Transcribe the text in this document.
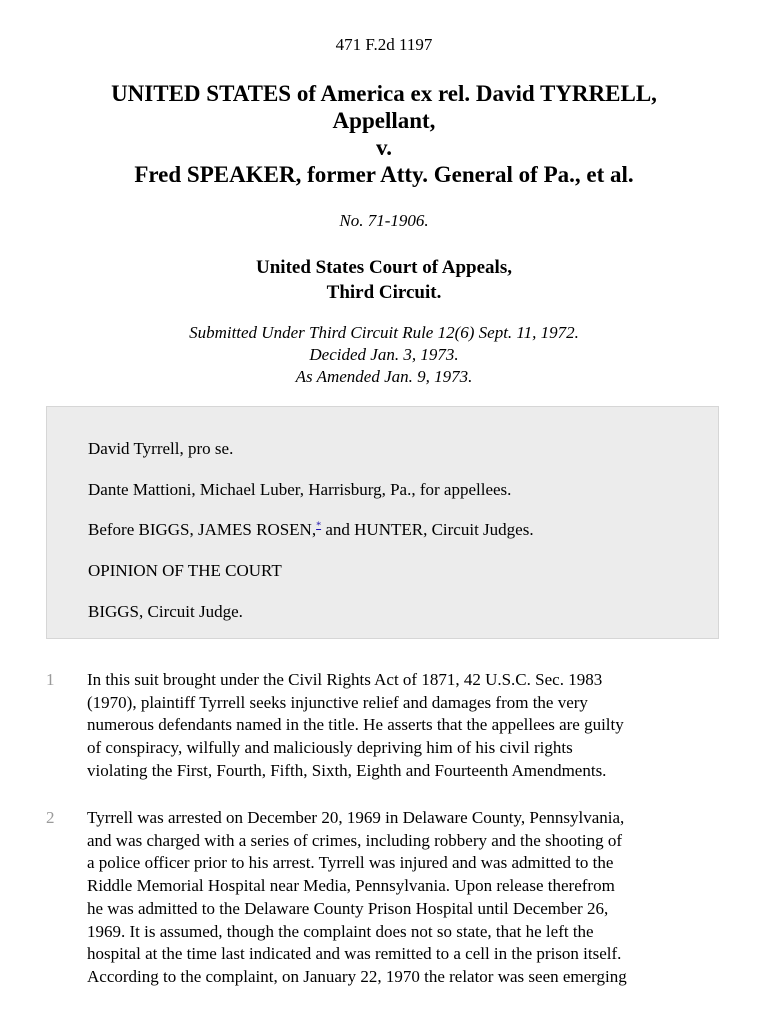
471 F.2d 1197
UNITED STATES of America ex rel. David TYRRELL,
Appellant,
v.
Fred SPEAKER, former Atty. General of Pa., et al.
No. 71-1906.
United States Court of Appeals,
Third Circuit.
Submitted Under Third Circuit Rule 12(6) Sept. 11, 1972.
Decided Jan. 3, 1973.
As Amended Jan. 9, 1973.

David Tyrrell, pro se.

Dante Mattioni, Michael Luber, Harrisburg, Pa., for appellees.

Before BIGGS, JAMES ROSEN,* and HUNTER, Circuit Judges.

OPINION OF THE COURT

BIGGS, Circuit Judge.

1 In this suit brought under the Civil Rights Act of 1871, 42 U.S.C. Sec. 1983
(1970), plaintiff Tyrrell seeks injunctive relief and damages from the very
numerous defendants named in the title. He asserts that the appellees are guilty
of conspiracy, wilfully and maliciously depriving him of his civil rights
violating the First, Fourth, Fifth, Sixth, Eighth and Fourteenth Amendments.

2 Tyrrell was arrested on December 20, 1969 in Delaware County, Pennsylvania,
and was charged with a series of crimes, including robbery and the shooting of
a police officer prior to his arrest. Tyrrell was injured and was admitted to the
Riddle Memorial Hospital near Media, Pennsylvania. Upon release therefrom
he was admitted to the Delaware County Prison Hospital until December 26,
1969. It is assumed, though the complaint does not so state, that he left the
hospital at the time last indicated and was remitted to a cell in the prison itself.
According to the complaint, on January 22, 1970 the relator was seen emerging
